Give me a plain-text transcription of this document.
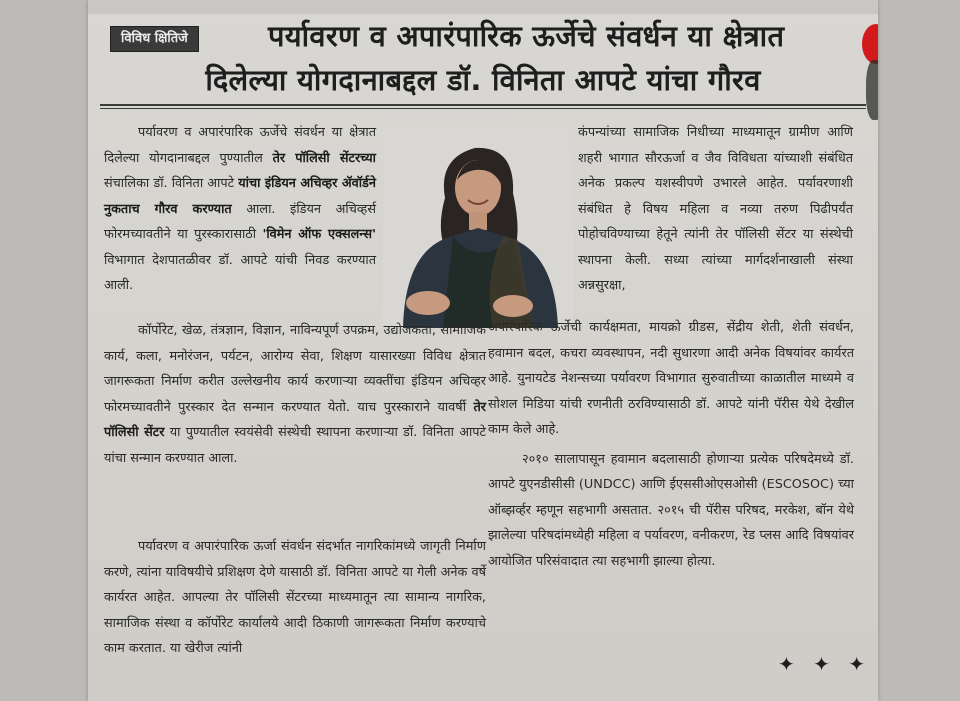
पर्यावरण व अपारंपारिक ऊर्जेचे संवर्धन या क्षेत्रात
दिलेल्या योगदानाबद्दल डॉ. विनिता आपटे यांचा गौरव
विविध क्षितिजे

पर्यावरण व अपारंपारिक ऊर्जेचे संवर्धन या क्षेत्रात दिलेल्या योगदानाबद्दल पुण्यातील तेर पॉलिसी सेंटरच्या संचालिका डॉ. विनिता आपटे यांचा इंडियन अचिव्हर ॲवॉर्डने नुकताच गौरव करण्यात आला. इंडियन अचिव्हर्स फोरमच्यावतीने या पुरस्कारासाठी 'विमेन ऑफ एक्सलन्स' विभागात देशपातळीवर डॉ. आपटे यांची निवड करण्यात आली.

कॉर्पोरेट, खेळ, तंत्रज्ञान, विज्ञान, नाविन्यपूर्ण उपक्रम, उद्योजकता, सामाजिक कार्य, कला, मनोरंजन, पर्यटन, आरोग्य सेवा, शिक्षण यासारख्या विविध क्षेत्रात जागरूकता निर्माण करीत उल्लेखनीय कार्य करणाऱ्या व्यक्तींचा इंडियन अचिव्हर फोरमच्यावतीने पुरस्कार देत सन्मान करण्यात येतो. याच पुरस्काराने यावर्षी तेर पॉलिसी सेंटर या पुण्यातील स्वयंसेवी संस्थेची स्थापना करणाऱ्या डॉ. विनिता आपटे यांचा सन्मान करण्यात आला.

पर्यावरण व अपारंपारिक ऊर्जा संवर्धन संदर्भात नागरिकांमध्ये जागृती निर्माण करणे, त्यांना याविषयीचे प्रशिक्षण देणे यासाठी डॉ. विनिता आपटे या गेली अनेक वर्षे कार्यरत आहेत. आपल्या तेर पॉलिसी सेंटरच्या माध्यमातून त्या सामान्य नागरिक, सामाजिक संस्था व कॉर्पोरेट कार्यालये आदी ठिकाणी जागरूकता निर्माण करण्याचे काम करतात. या खेरीज त्यांनी

कंपन्यांच्या सामाजिक निधीच्या माध्यमातून ग्रामीण आणि शहरी भागात सौरऊर्जा व जैव विविधता यांच्याशी संबंधित अनेक प्रकल्प यशस्वीपणे उभारले आहेत. पर्यावरणाशी संबंधित हे विषय महिला व नव्या तरुण पिढीपर्यंत पोहोचविण्याच्या हेतूने त्यांनी तेर पॉलिसी सेंटर या संस्थेची स्थापना केली. सध्या त्यांच्या मार्गदर्शनाखाली संस्था अन्नसुरक्षा,

अपारंपारिक ऊर्जेची कार्यक्षमता, मायक्रो ग्रीडस, सेंद्रीय शेती, शेती संवर्धन, हवामान बदल, कचरा व्यवस्थापन, नदी सुधारणा आदी अनेक विषयांवर कार्यरत आहे. युनायटेड नेशन्सच्या पर्यावरण विभागात सुरुवातीच्या काळातील माध्यमे व सोशल मिडिया यांची रणनीती ठरविण्यासाठी डॉ. आपटे यांनी पॅरीस येथे देखील काम केले आहे.

२०१० सालापासून हवामान बदलासाठी होणाऱ्या प्रत्येक परिषदेमध्ये डॉ. आपटे युएनडीसीसी (UNDCC) आणि ईएससीओएसओसी (ESCOSOC) च्या ऑब्झर्व्हर म्हणून सहभागी असतात. २०१५ ची पॅरीस परिषद, मरकेश, बॉन येथे झालेल्या परिषदांमध्येही महिला व पर्यावरण, वनीकरण, रेड प्लस आदि विषयांवर आयोजित परिसंवादात त्या सहभागी झाल्या होत्या.

✦ ✦ ✦
